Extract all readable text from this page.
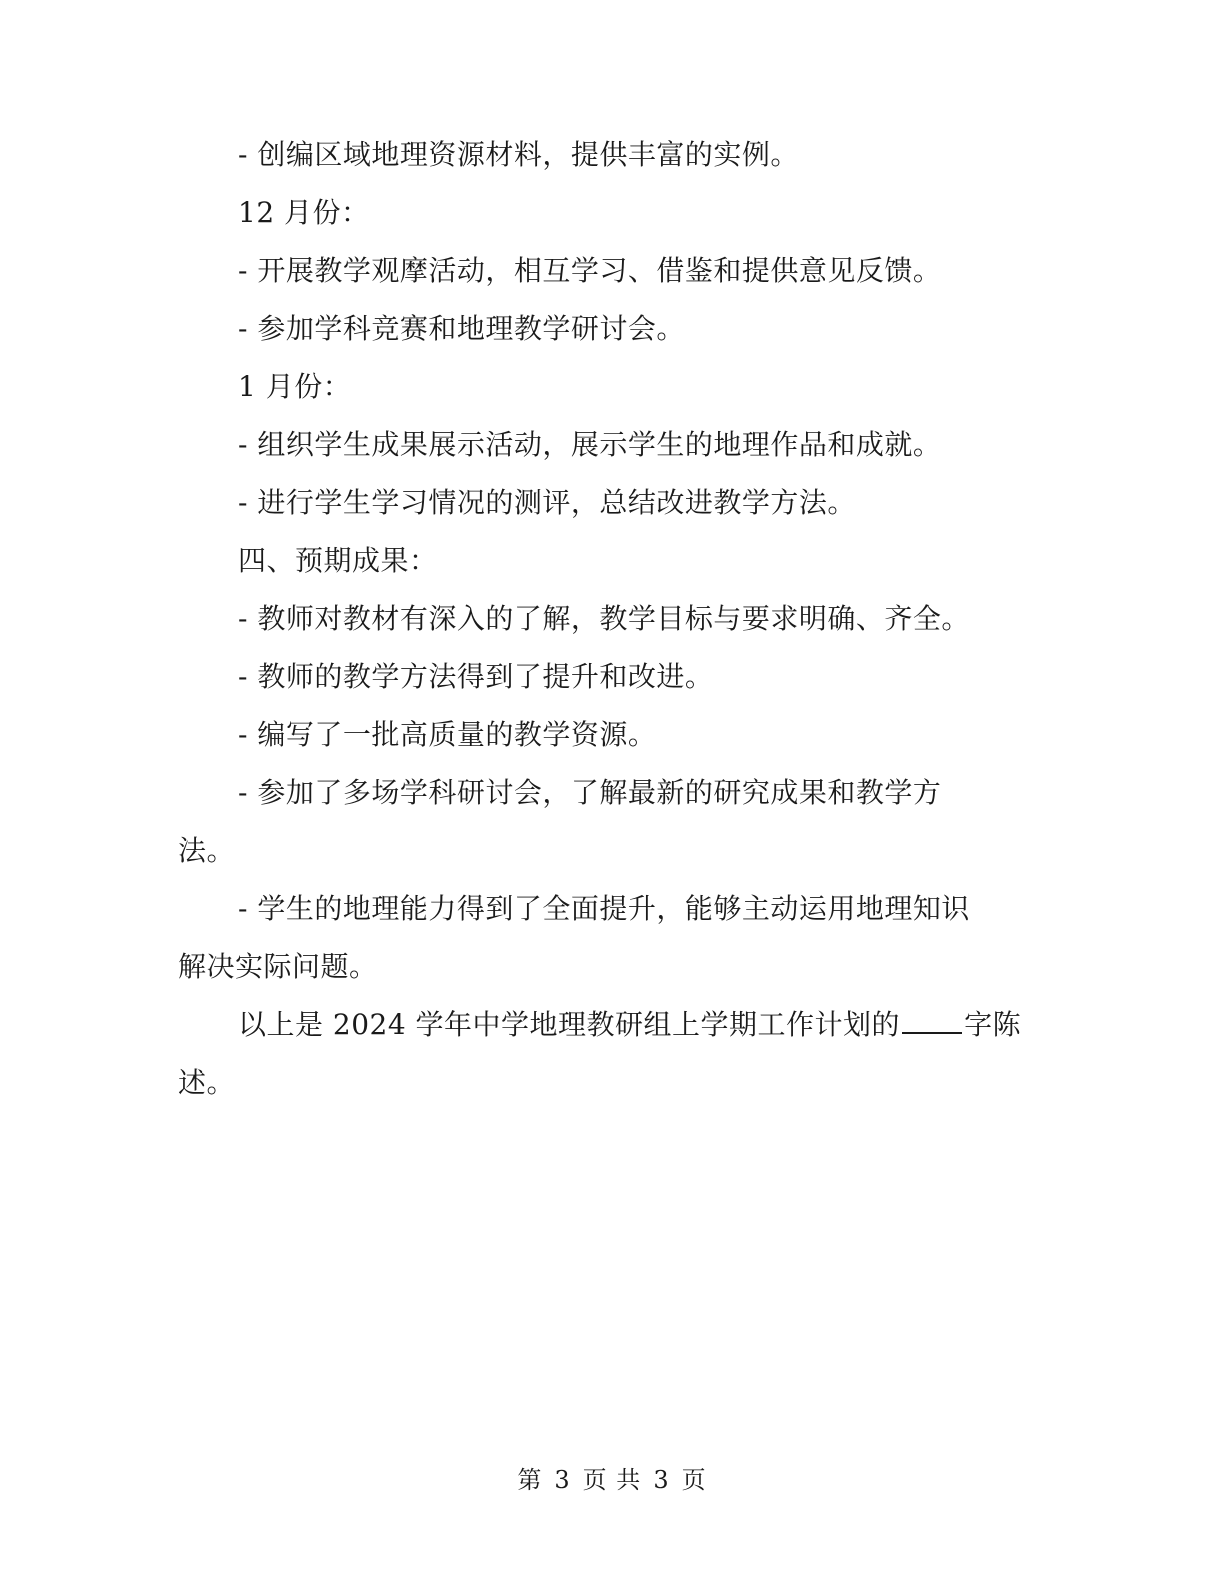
- 创编区域地理资源材料，提供丰富的实例。
12 月份：
- 开展教学观摩活动，相互学习、借鉴和提供意见反馈。
- 参加学科竞赛和地理教学研讨会。
1 月份：
- 组织学生成果展示活动，展示学生的地理作品和成就。
- 进行学生学习情况的测评，总结改进教学方法。
四、预期成果：
- 教师对教材有深入的了解，教学目标与要求明确、齐全。
- 教师的教学方法得到了提升和改进。
- 编写了一批高质量的教学资源。
- 参加了多场学科研讨会，了解最新的研究成果和教学方
法。
- 学生的地理能力得到了全面提升，能够主动运用地理知识
解决实际问题。
以上是 2024 学年中学地理教研组上学期工作计划的 字陈
述。
第 3 页 共 3 页
